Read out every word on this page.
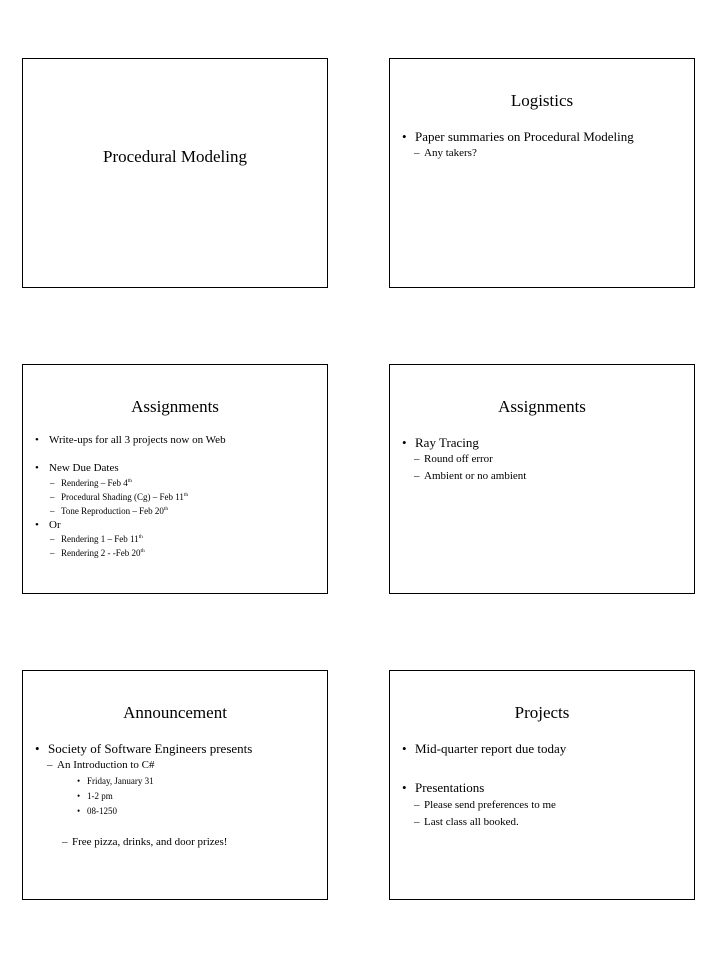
Procedural Modeling
Logistics
• Paper summaries on Procedural Modeling
– Any takers?
Assignments
• Write-ups for all 3 projects now on Web
• New Due Dates
– Rendering – Feb 4th
– Procedural Shading (Cg) – Feb 11th
– Tone Reproduction – Feb 20th
• Or
– Rendering 1 – Feb 11th
– Rendering 2 - -Feb 20th
Assignments
• Ray Tracing
– Round off error
– Ambient or no ambient
Announcement
• Society of Software Engineers presents
– An Introduction to C#
• Friday, January 31
• 1-2 pm
• 08-1250
– Free pizza, drinks, and door prizes!
Projects
• Mid-quarter report due today
• Presentations
– Please send preferences to me
– Last class all booked.
